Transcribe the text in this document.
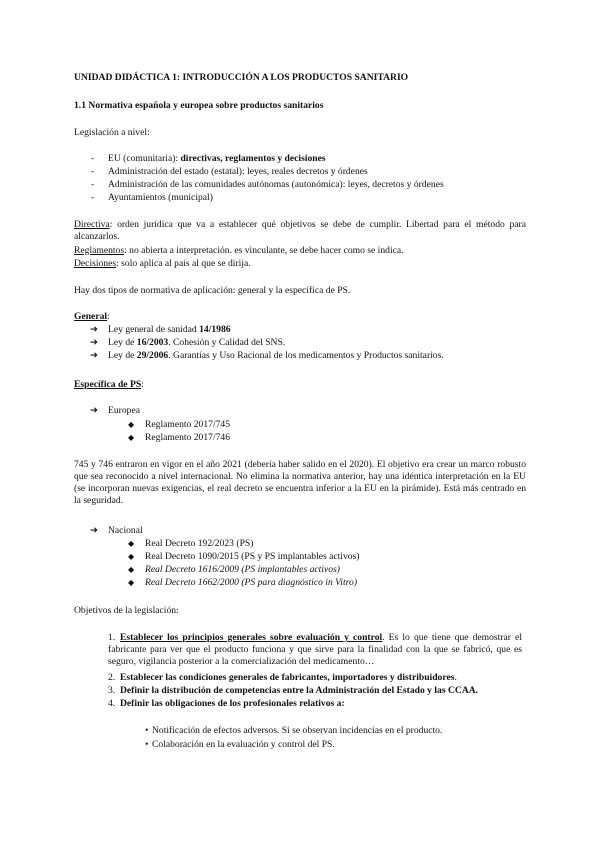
UNIDAD DIDÁCTICA 1: INTRODUCCIÓN A LOS PRODUCTOS SANITARIO
1.1 Normativa española y europea sobre productos sanitarios
Legislación a nivel:
- EU (comunitaria): directivas, reglamentos y decisiones
- Administración del estado (estatal): leyes, reales decretos y órdenes
- Administración de las comunidades autónomas (autonómica): leyes, decretos y órdenes
- Ayuntamientos (municipal)
Directiva: orden jurídica que va a establecer qué objetivos se debe de cumplir. Libertad para el método para alcanzarlos.
Reglamentos: no abierta a interpretación. es vinculante, se debe hacer como se indica.
Decisiones: solo aplica al país al que se dirija.
Hay dos tipos de normativa de aplicación: general y la específica de PS.
General:
➔ Ley general de sanidad 14/1986
➔ Ley de 16/2003. Cohesión y Calidad del SNS.
➔ Ley de 29/2006. Garantías y Uso Racional de los medicamentos y Productos sanitarios.
Específica de PS:
➔ Europea
◆ Reglamento 2017/745
◆ Reglamento 2017/746
745 y 746 entraron en vigor en el año 2021 (debería haber salido en el 2020). El objetivo era crear un marco robusto que sea reconocido a nivel internacional. No elimina la normativa anterior, hay una idéntica interpretación en la EU (se incorporan nuevas exigencias, el real decreto se encuentra inferior a la EU en la pirámide). Está más centrado en la seguridad.
➔ Nacional
◆ Real Decreto 192/2023 (PS)
◆ Real Decreto 1090/2015 (PS y PS implantables activos)
◆ Real Decreto 1616/2009 (PS implantables activos)
◆ Real Decreto 1662/2000 (PS para diagnóstico in Vitro)
Objetivos de la legislación:
1. Establecer los principios generales sobre evaluación y control. Es lo que tiene que demostrar el fabricante para ver que el producto funciona y que sirve para la finalidad con la que se fabricó, que es seguro, vigilancia posterior a la comercialización del medicamento…
2. Establecer las condiciones generales de fabricantes, importadores y distribuidores.
3. Definir la distribución de competencias entre la Administración del Estado y las CCAA.
4. Definir las obligaciones de los profesionales relativos a:
• Notificación de efectos adversos. Si se observan incidencias en el producto.
• Colaboración en la evaluación y control del PS.
